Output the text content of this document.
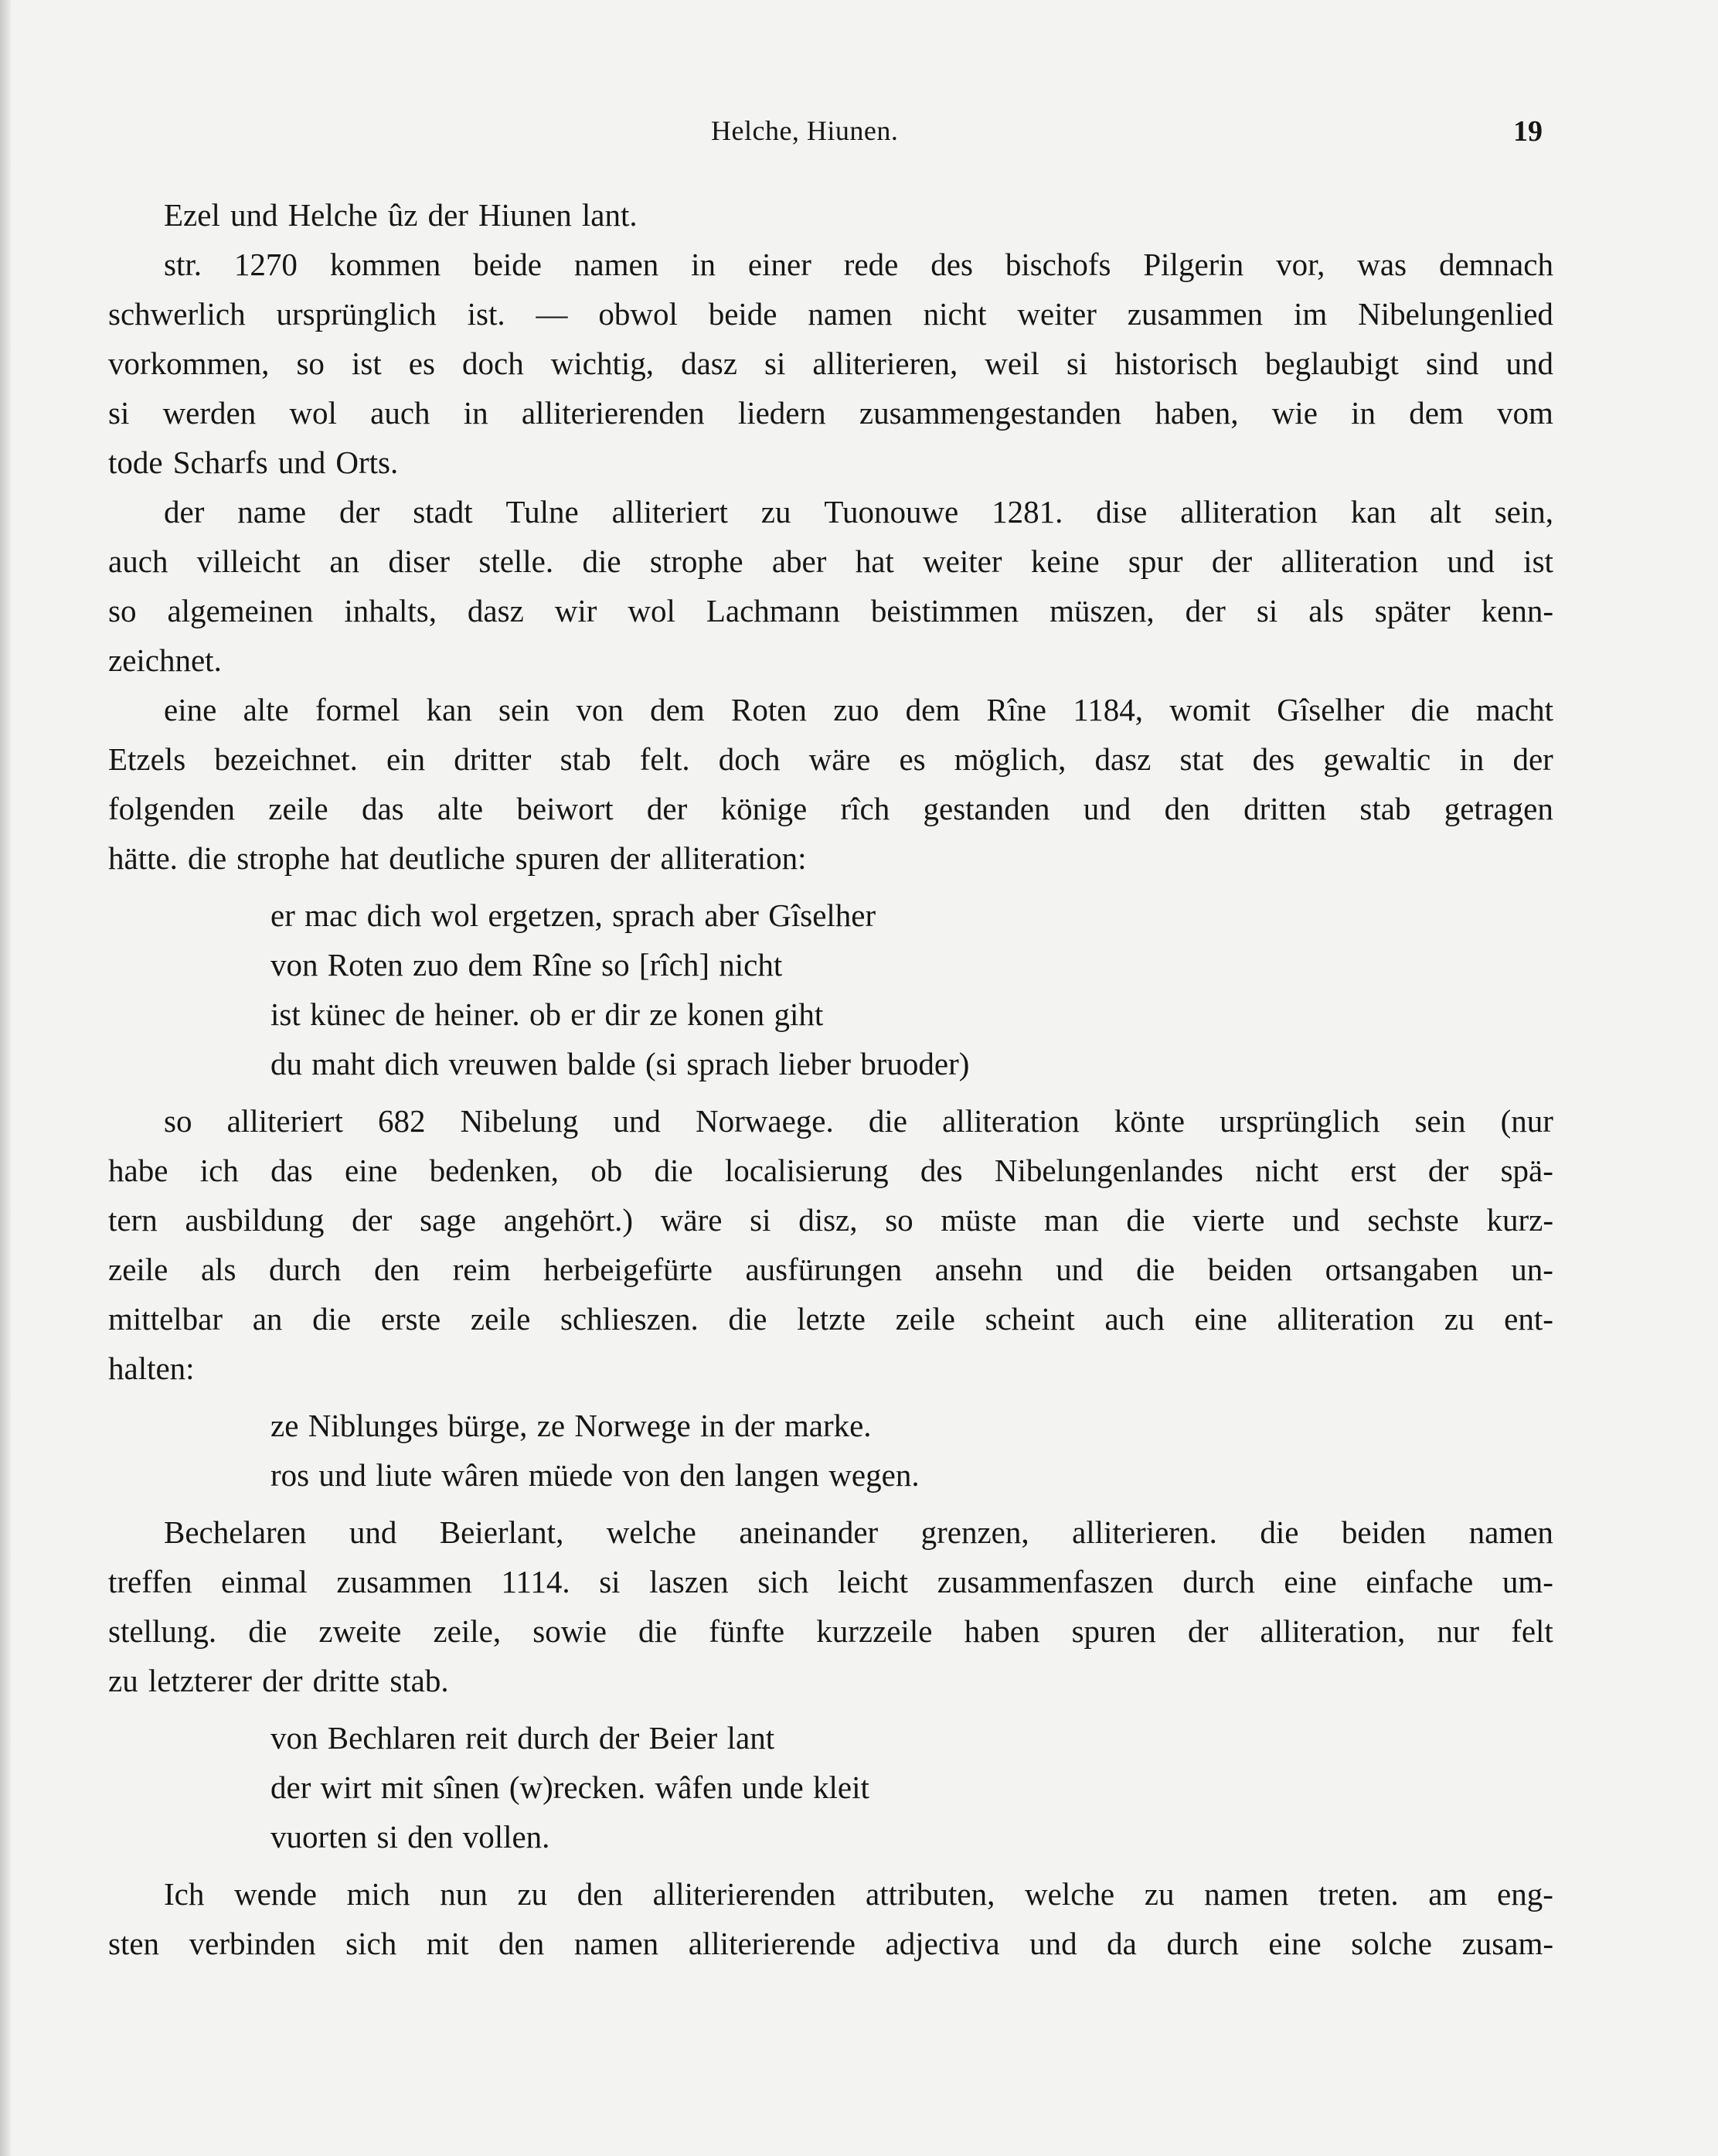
Helche, Hiunen.	19
Ezel und Helche ûz der Hiunen lant.
str. 1270 kommen beide namen in einer rede des bischofs Pilgerin vor, was demnach
schwerlich ursprünglich ist. — obwol beide namen nicht weiter zusammen im Nibelungenlied
vorkommen, so ist es doch wichtig, dasz si alliterieren, weil si historisch beglaubigt sind und
si werden wol auch in alliterierenden liedern zusammengestanden haben, wie in dem vom
tode Scharfs und Orts.
der name der stadt Tulne alliteriert zu Tuonouwe 1281. dise alliteration kan alt sein,
auch villeicht an diser stelle. die strophe aber hat weiter keine spur der alliteration und ist
so algemeinen inhalts, dasz wir wol Lachmann beistimmen müszen, der si als später kenn-
zeichnet.
eine alte formel kan sein von dem Roten zuo dem Rîne 1184, womit Gîselher die macht
Etzels bezeichnet. ein dritter stab felt. doch wäre es möglich, dasz stat des gewaltic in der
folgenden zeile das alte beiwort der könige rîch gestanden und den dritten stab getragen
hätte. die strophe hat deutliche spuren der alliteration:
er mac dich wol ergetzen, sprach aber Gîselher
von Roten zuo dem Rîne so [rîch] nicht
ist künec de heiner. ob er dir ze konen giht
du maht dich vreuwen balde (si sprach lieber bruoder)
so alliteriert 682 Nibelung und Norwaege. die alliteration könte ursprünglich sein (nur
habe ich das eine bedenken, ob die localisierung des Nibelungenlandes nicht erst der spä-
tern ausbildung der sage angehört.) wäre si disz, so müste man die vierte und sechste kurz-
zeile als durch den reim herbeigefürte ausfürungen ansehn und die beiden ortsangaben un-
mittelbar an die erste zeile schlieszen. die letzte zeile scheint auch eine alliteration zu ent-
halten:
ze Niblunges bürge, ze Norwege in der marke.
ros und liute wâren müede von den langen wegen.
Bechelaren und Beierlant, welche aneinander grenzen, alliterieren. die beiden namen
treffen einmal zusammen 1114. si laszen sich leicht zusammenfaszen durch eine einfache um-
stellung. die zweite zeile, sowie die fünfte kurzzeile haben spuren der alliteration, nur felt
zu letzterer der dritte stab.
von Bechlaren reit durch der Beier lant
der wirt mit sînen (w)recken. wâfen unde kleit
vuorten si den vollen.
Ich wende mich nun zu den alliterierenden attributen, welche zu namen treten. am eng-
sten verbinden sich mit den namen alliterierende adjectiva und da durch eine solche zusam-
